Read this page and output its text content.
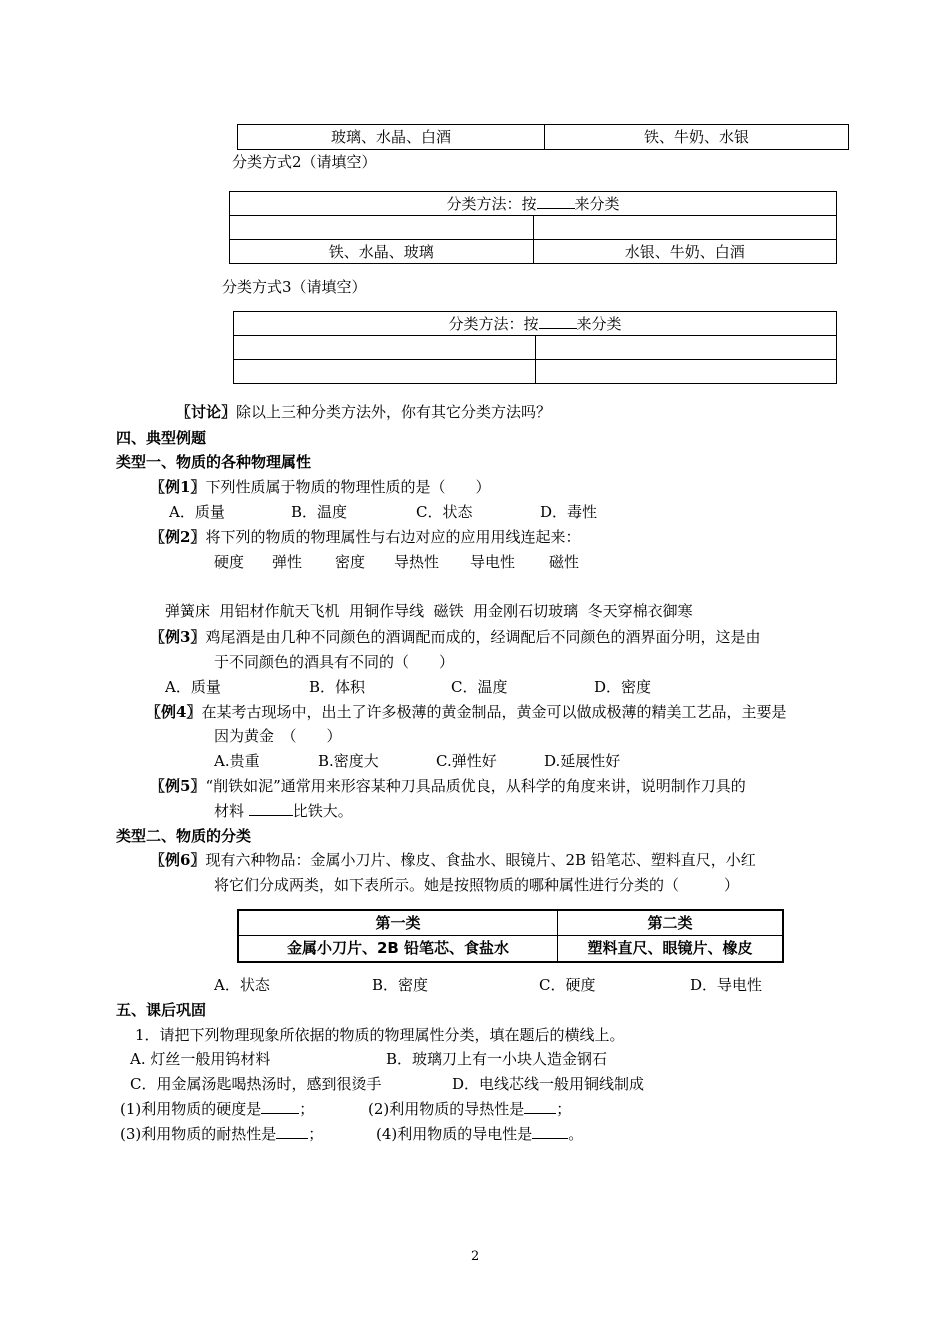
玻璃、水晶、白酒	铁、牛奶、水银
分类方式2（请填空）
分类方法：按 来分类	

铁、水晶、玻璃	水银、牛奶、白酒
分类方式3（请填空）
分类方法：按 来分类	

〖讨论〗除以上三种分类方法外，你有其它分类方法吗？
四、典型例题
类型一、物质的各种物理属性
〖例1〗下列性质属于物质的物理性质的是（　　）
A．质量	B．温度	C．状态	D．毒性
〖例2〗将下列的物质的物理属性与右边对应的应用用线连起来：
硬度 弹性 密度 导热性 导电性 磁性
弹簧床  用铝材作航天飞机  用铜作导线  磁铁  用金刚石切玻璃  冬天穿棉衣御寒
〖例3〗鸡尾酒是由几种不同颜色的酒调配而成的，经调配后不同颜色的酒界面分明，这是由
于不同颜色的酒具有不同的（　　）
A．质量	B．体积	C．温度	D．密度
〖例4〗在某考古现场中，出土了许多极薄的黄金制品，黄金可以做成极薄的精美工艺品，主要是
因为黄金　（　　）
A.贵重	B.密度大	C.弹性好	D.延展性好
〖例5〗“削铁如泥”通常用来形容某种刀具品质优良，从科学的角度来讲，说明制作刀具的
材料	比铁大。
类型二、物质的分类
〖例6〗现有六种物品：金属小刀片、橡皮、食盐水、眼镜片、2B 铅笔芯、塑料直尺，小红
将它们分成两类，如下表所示。她是按照物质的哪种属性进行分类的（　　　）
第一类	第二类
金属小刀片、2B 铅笔芯、食盐水	塑料直尺、眼镜片、橡皮
A．状态	B．密度	C．硬度	D．导电性
五、课后巩固
1．请把下列物理现象所依据的物质的物理属性分类，填在题后的横线上。
A. 灯丝一般用钨材料	B．玻璃刀上有一小块人造金钢石
C．用金属汤匙喝热汤时，感到很烫手	D．电线芯线一般用铜线制成
(1)利用物质的硬度是	；	(2)利用物质的导热性是 ；
(3)利用物质的耐热性是 ；	(4)利用物质的导电性是 。
2
